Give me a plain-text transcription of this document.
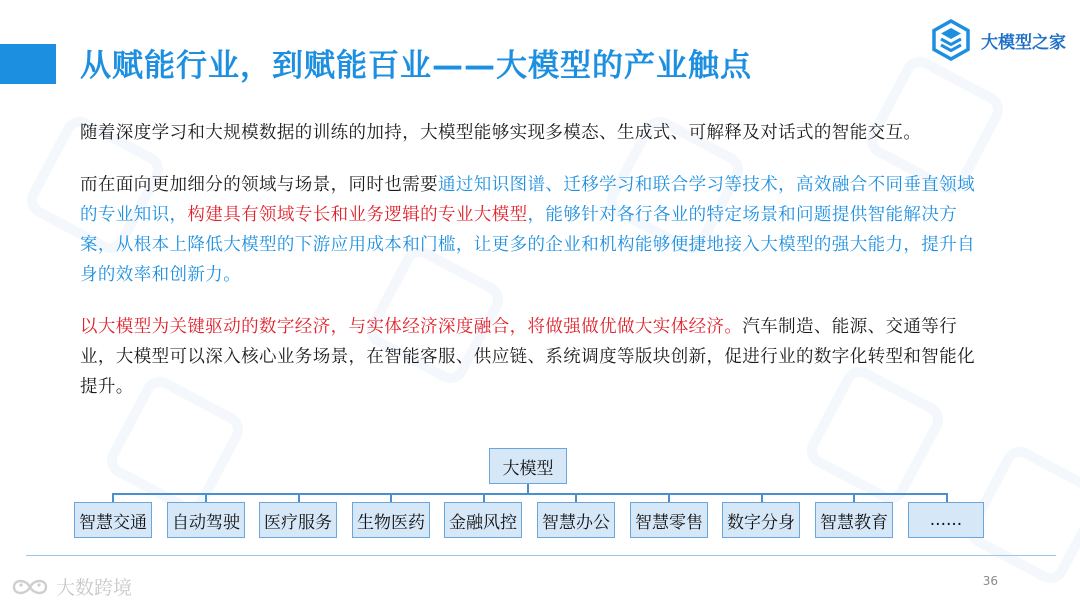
从赋能行业，到赋能百业——大模型的产业触点
大模型之家

随着深度学习和大规模数据的训练的加持，大模型能够实现多模态、生成式、可解释及对话式的智能交互。

而在面向更加细分的领域与场景，同时也需要通过知识图谱、迁移学习和联合学习等技术，高效融合不同垂直领域的专业知识，构建具有领域专长和业务逻辑的专业大模型，能够针对各行各业的特定场景和问题提供智能解决方案，从根本上降低大模型的下游应用成本和门槛，让更多的企业和机构能够便捷地接入大模型的强大能力，提升自身的效率和创新力。

以大模型为关键驱动的数字经济，与实体经济深度融合，将做强做优做大实体经济。汽车制造、能源、交通等行业，大模型可以深入核心业务场景，在智能客服、供应链、系统调度等版块创新，促进行业的数字化转型和智能化提升。

大模型
智慧交通 自动驾驶 医疗服务 生物医药 金融风控 智慧办公 智慧零售 数字分身 智慧教育	......
大数跨境	36
